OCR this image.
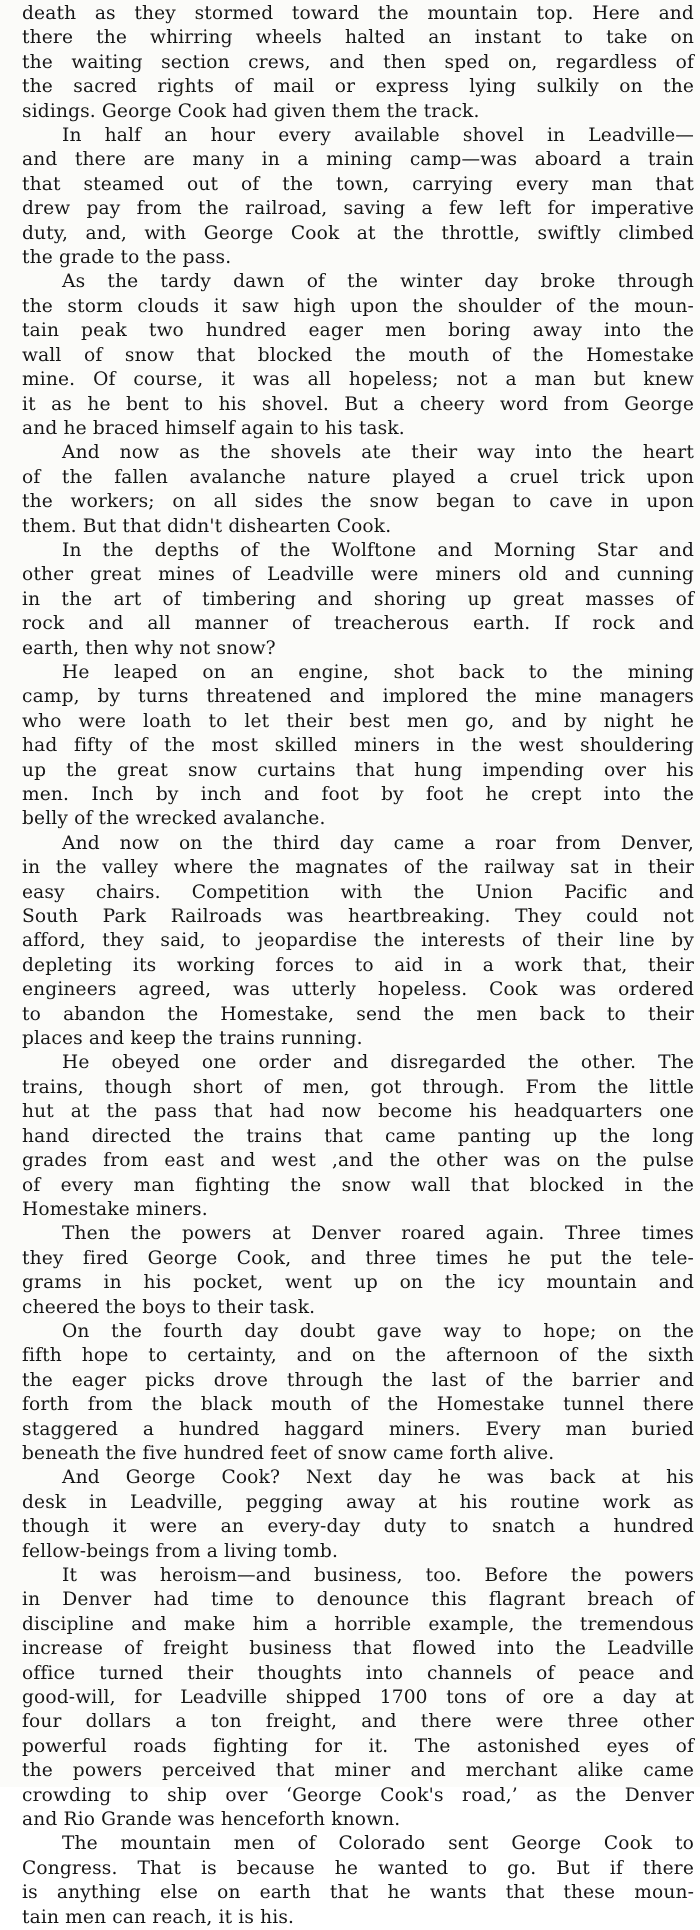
death as they stormed toward the mountain top. Here and
there the whirring wheels halted an instant to take on
the waiting section crews, and then sped on, regardless of
the sacred rights of mail or express lying sulkily on the
sidings. George Cook had given them the track.
In half an hour every available shovel in Leadville—
and there are many in a mining camp—was aboard a train
that steamed out of the town, carrying every man that
drew pay from the railroad, saving a few left for imperative
duty, and, with George Cook at the throttle, swiftly climbed
the grade to the pass.
As the tardy dawn of the winter day broke through
the storm clouds it saw high upon the shoulder of the moun-
tain peak two hundred eager men boring away into the
wall of snow that blocked the mouth of the Homestake
mine. Of course, it was all hopeless; not a man but knew
it as he bent to his shovel. But a cheery word from George
and he braced himself again to his task.
And now as the shovels ate their way into the heart
of the fallen avalanche nature played a cruel trick upon
the workers; on all sides the snow began to cave in upon
them. But that didn't dishearten Cook.
In the depths of the Wolftone and Morning Star and
other great mines of Leadville were miners old and cunning
in the art of timbering and shoring up great masses of
rock and all manner of treacherous earth. If rock and
earth, then why not snow?
He leaped on an engine, shot back to the mining
camp, by turns threatened and implored the mine managers
who were loath to let their best men go, and by night he
had fifty of the most skilled miners in the west shouldering
up the great snow curtains that hung impending over his
men. Inch by inch and foot by foot he crept into the
belly of the wrecked avalanche.
And now on the third day came a roar from Denver,
in the valley where the magnates of the railway sat in their
easy chairs. Competition with the Union Pacific and
South Park Railroads was heartbreaking. They could not
afford, they said, to jeopardise the interests of their line by
depleting its working forces to aid in a work that, their
engineers agreed, was utterly hopeless. Cook was ordered
to abandon the Homestake, send the men back to their
places and keep the trains running.
He obeyed one order and disregarded the other. The
trains, though short of men, got through. From the little
hut at the pass that had now become his headquarters one
hand directed the trains that came panting up the long
grades from east and west ,and the other was on the pulse
of every man fighting the snow wall that blocked in the
Homestake miners.
Then the powers at Denver roared again. Three times
they fired George Cook, and three times he put the tele-
grams in his pocket, went up on the icy mountain and
cheered the boys to their task.
On the fourth day doubt gave way to hope; on the
fifth hope to certainty, and on the afternoon of the sixth
the eager picks drove through the last of the barrier and
forth from the black mouth of the Homestake tunnel there
staggered a hundred haggard miners. Every man buried
beneath the five hundred feet of snow came forth alive.
And George Cook? Next day he was back at his
desk in Leadville, pegging away at his routine work as
though it were an every-day duty to snatch a hundred
fellow-beings from a living tomb.
It was heroism—and business, too. Before the powers
in Denver had time to denounce this flagrant breach of
discipline and make him a horrible example, the tremendous
increase of freight business that flowed into the Leadville
office turned their thoughts into channels of peace and
good-will, for Leadville shipped 1700 tons of ore a day at
four dollars a ton freight, and there were three other
powerful roads fighting for it. The astonished eyes of
the powers perceived that miner and merchant alike came
crowding to ship over ‘George Cook's road,’ as the Denver
and Rio Grande was henceforth known.
The mountain men of Colorado sent George Cook to
Congress. That is because he wanted to go. But if there
is anything else on earth that he wants that these moun-
tain men can reach, it is his.
